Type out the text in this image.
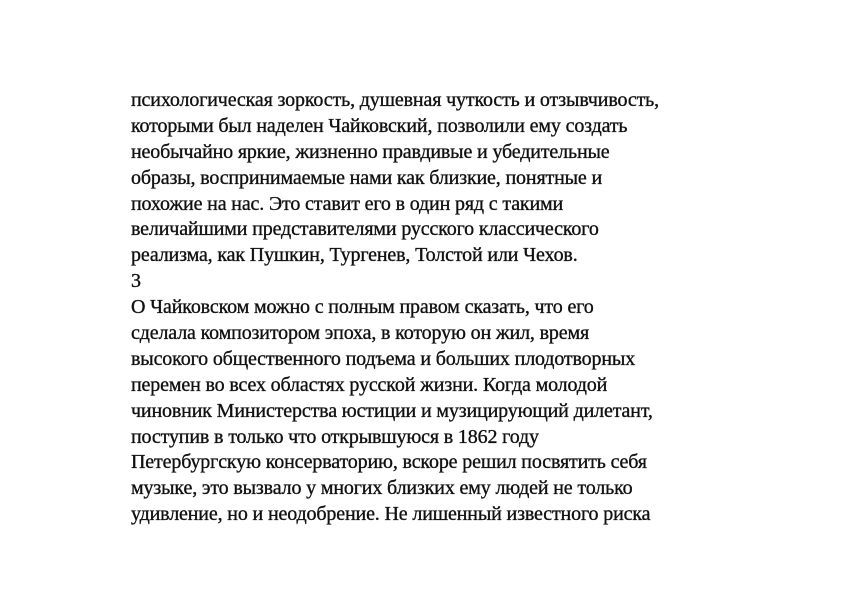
психологическая зоркость, душевная чуткость и отзывчивость,
которыми был наделен Чайковский, позволили ему создать
необычайно яркие, жизненно правдивые и убедительные
образы, воспринимаемые нами как близкие, понятные и
похожие на нас. Это ставит его в один ряд с такими
величайшими представителями русского классического
реализма, как Пушкин, Тургенев, Толстой или Чехов.
3
О Чайковском можно с полным правом сказать, что его
сделала композитором эпоха, в которую он жил, время
высокого общественного подъема и больших плодотворных
перемен во всех областях русской жизни. Когда молодой
чиновник Министерства юстиции и музицирующий дилетант,
поступив в только что открывшуюся в 1862 году
Петербургскую консерваторию, вскоре решил посвятить себя
музыке, это вызвало у многих близких ему людей не только
удивление, но и неодобрение. Не лишенный известного риска
